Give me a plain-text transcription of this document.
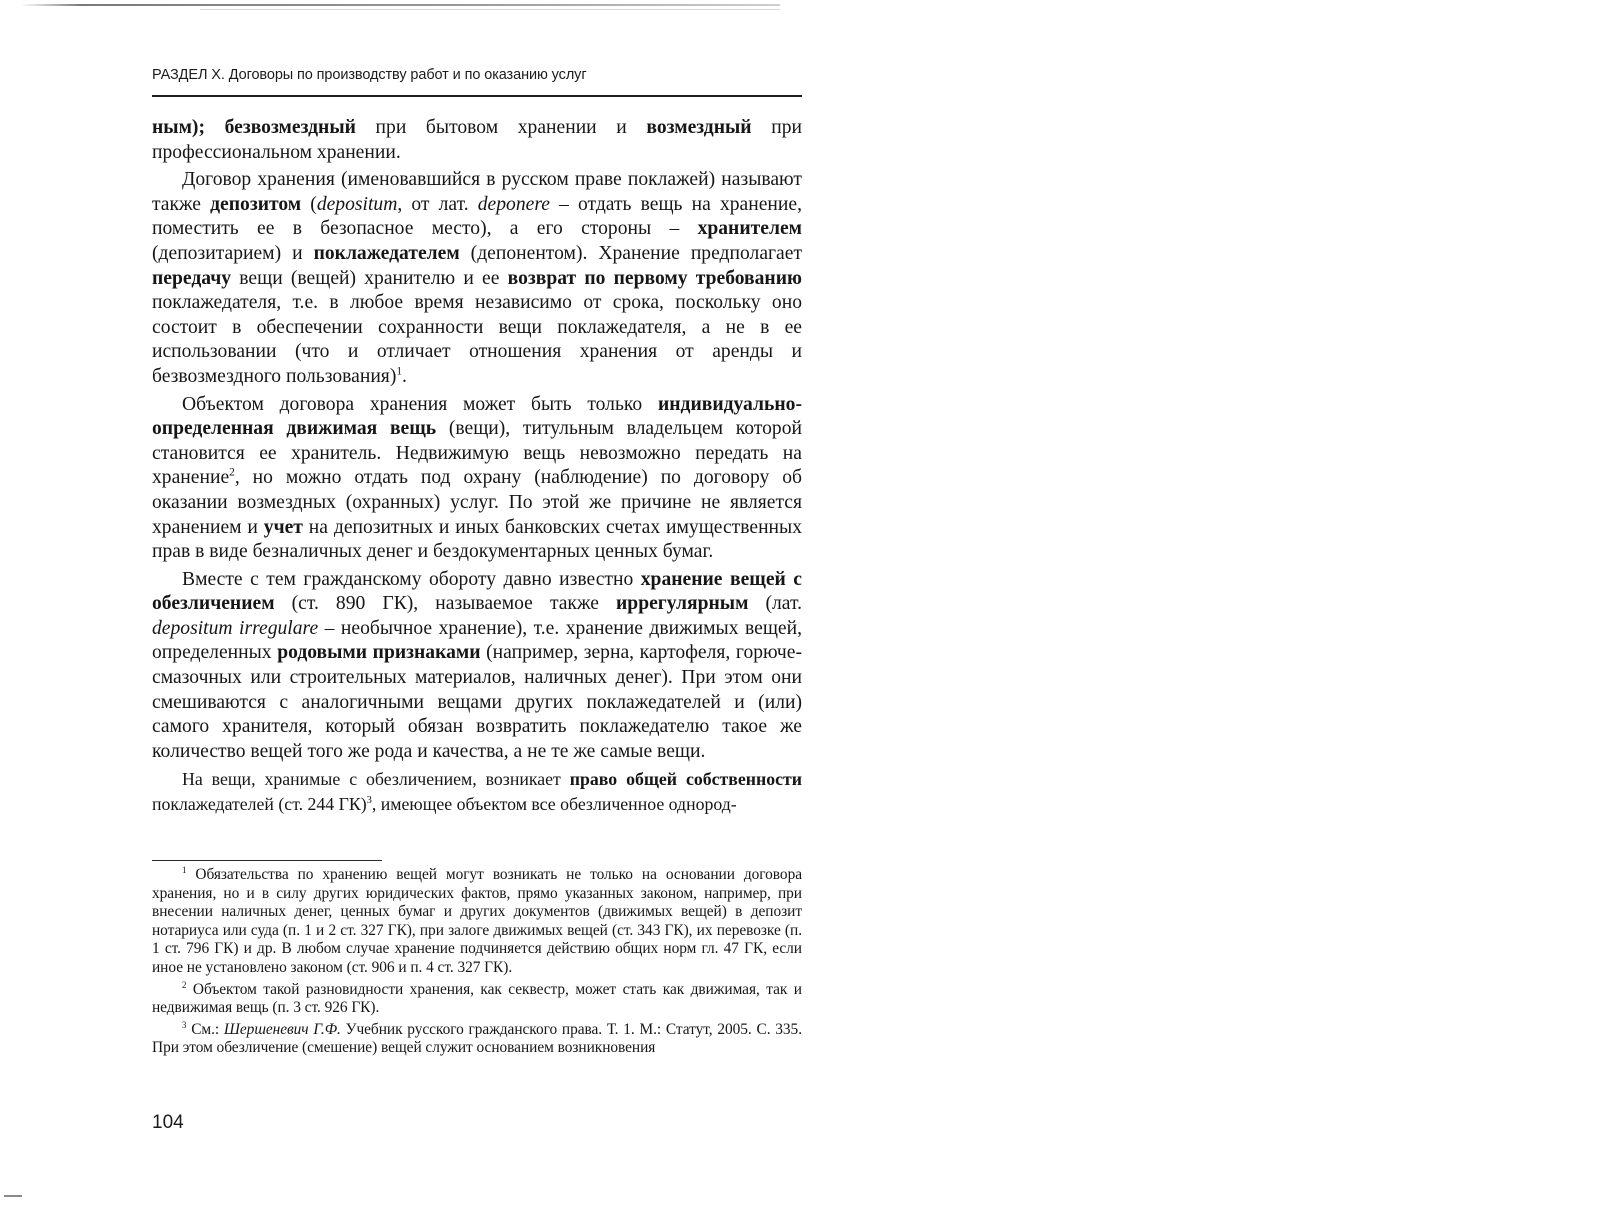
РАЗДЕЛ X. Договоры по производству работ и по оказанию услуг

ным); безвозмездный при бытовом хранении и возмездный при профессиональном хранении.

Договор хранения (именовавшийся в русском праве поклажей) называют также депозитом (depositum, от лат. deponere – отдать вещь на хранение, поместить ее в безопасное место), а его стороны – хранителем (депозитарием) и поклажедателем (депонентом). Хранение предполагает передачу вещи (вещей) хранителю и ее возврат по первому требованию поклажедателя, т.е. в любое время независимо от срока, поскольку оно состоит в обеспечении сохранности вещи поклажедателя, а не в ее использовании (что и отличает отношения хранения от аренды и безвозмездного пользования)$^1$.

Объектом договора хранения может быть только индивидуально-определенная движимая вещь (вещи), титульным владельцем которой становится ее хранитель. Недвижимую вещь невозможно передать на хранение$^2$, но можно отдать под охрану (наблюдение) по договору об оказании возмездных (охранных) услуг. По этой же причине не является хранением и учет на депозитных и иных банковских счетах имущественных прав в виде безналичных денег и бездокументарных ценных бумаг.

Вместе с тем гражданскому обороту давно известно хранение вещей с обезличением (ст. 890 ГК), называемое также иррегулярным (лат. depositum irregulare – необычное хранение), т.е. хранение движимых вещей, определенных родовыми признаками (например, зерна, картофеля, горюче-смазочных или строительных материалов, наличных денег). При этом они смешиваются с аналогичными вещами других поклажедателей и (или) самого хранителя, который обязан возвратить поклажедателю такое же количество вещей того же рода и качества, а не те же самые вещи.

На вещи, хранимые с обезличением, возникает право общей собственности поклажедателей (ст. 244 ГК)$^3$, имеющее объектом все обезличенное однород-

$^1$ Обязательства по хранению вещей могут возникать не только на основании договора хранения, но и в силу других юридических фактов, прямо указанных законом, например, при внесении наличных денег, ценных бумаг и других документов (движимых вещей) в депозит нотариуса или суда (п. 1 и 2 ст. 327 ГК), при залоге движимых вещей (ст. 343 ГК), их перевозке (п. 1 ст. 796 ГК) и др. В любом случае хранение подчиняется действию общих норм гл. 47 ГК, если иное не установлено законом (ст. 906 и п. 4 ст. 327 ГК).

$^2$ Объектом такой разновидности хранения, как секвестр, может стать как движимая, так и недвижимая вещь (п. 3 ст. 926 ГК).

$^3$ См.: Шершеневич Г.Ф. Учебник русского гражданского права. Т. 1. М.: Статут, 2005. С. 335. При этом обезличение (смешение) вещей служит основанием возникновения

104
